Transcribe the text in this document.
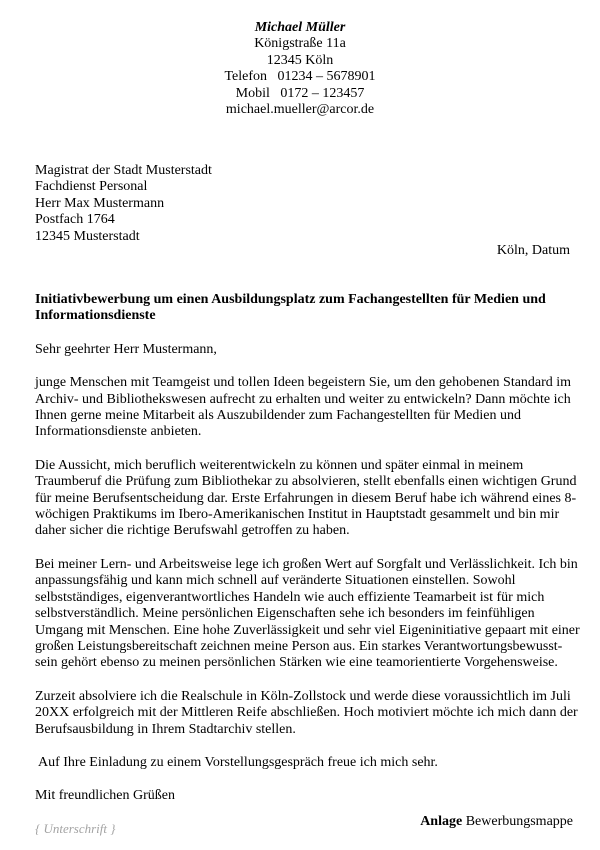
Michael Müller
Königstraße 11a
12345 Köln
Telefon   01234 – 5678901
Mobil   0172 – 123457
michael.mueller@arcor.de
Magistrat der Stadt Musterstadt
Fachdienst Personal
Herr Max Mustermann
Postfach 1764
12345 Musterstadt
Köln, Datum
Initiativbewerbung um einen Ausbildungsplatz zum Fachangestellten für Medien und Informationsdienste
Sehr geehrter Herr Mustermann,
junge Menschen mit Teamgeist und tollen Ideen begeistern Sie, um den gehobenen Standard im Archiv- und Bibliothekswesen aufrecht zu erhalten und weiter zu entwickeln? Dann möchte ich Ihnen gerne meine Mitarbeit als Auszubildender zum Fachangestellten für Medien und Informationsdienste anbieten.
Die Aussicht, mich beruflich weiterentwickeln zu können und später einmal in meinem Traumberuf die Prüfung zum Bibliothekar zu absolvieren, stellt ebenfalls einen wichtigen Grund für meine Berufsentscheidung dar. Erste Erfahrungen in diesem Beruf habe ich während eines 8-wöchigen Praktikums im Ibero-Amerikanischen Institut in Hauptstadt gesammelt und bin mir daher sicher die richtige Berufswahl getroffen zu haben.
Bei meiner Lern- und Arbeitsweise lege ich großen Wert auf Sorgfalt und Verlässlichkeit. Ich bin anpassungsfähig und kann mich schnell auf veränderte Situationen einstellen. Sowohl selbstständiges, eigenverantwortliches Handeln wie auch effiziente Teamarbeit ist für mich selbstverständlich. Meine persönlichen Eigenschaften sehe ich besonders im feinfühligen Umgang mit Menschen. Eine hohe Zuverlässigkeit und sehr viel Eigeninitiative gepaart mit einer großen Leistungsbereitschaft zeichnen meine Person aus. Ein starkes Verantwortungsbewusst-sein gehört ebenso zu meinen persönlichen Stärken wie eine teamorientierte Vorgehensweise.
Zurzeit absolviere ich die Realschule in Köln-Zollstock und werde diese voraussichtlich im Juli 20XX erfolgreich mit der Mittleren Reife abschließen. Hoch motiviert möchte ich mich dann der Berufsausbildung in Ihrem Stadtarchiv stellen.
Auf Ihre Einladung zu einem Vorstellungsgespräch freue ich mich sehr.
Mit freundlichen Grüßen
{ Unterschrift }	Anlage Bewerbungsmappe
